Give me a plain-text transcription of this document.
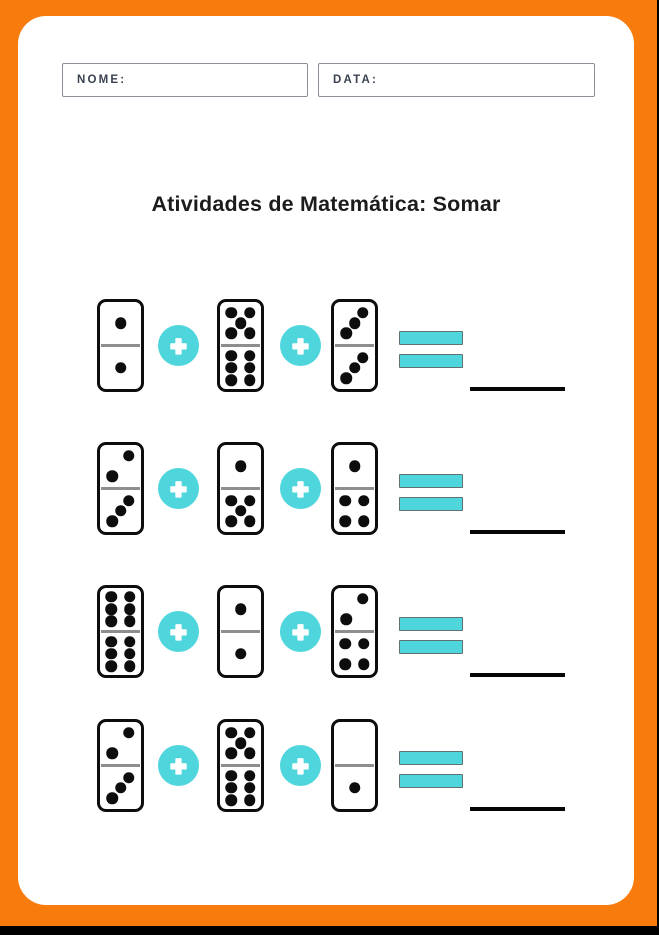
NOME:	DATA:
Atividades de Matemática: Somar
